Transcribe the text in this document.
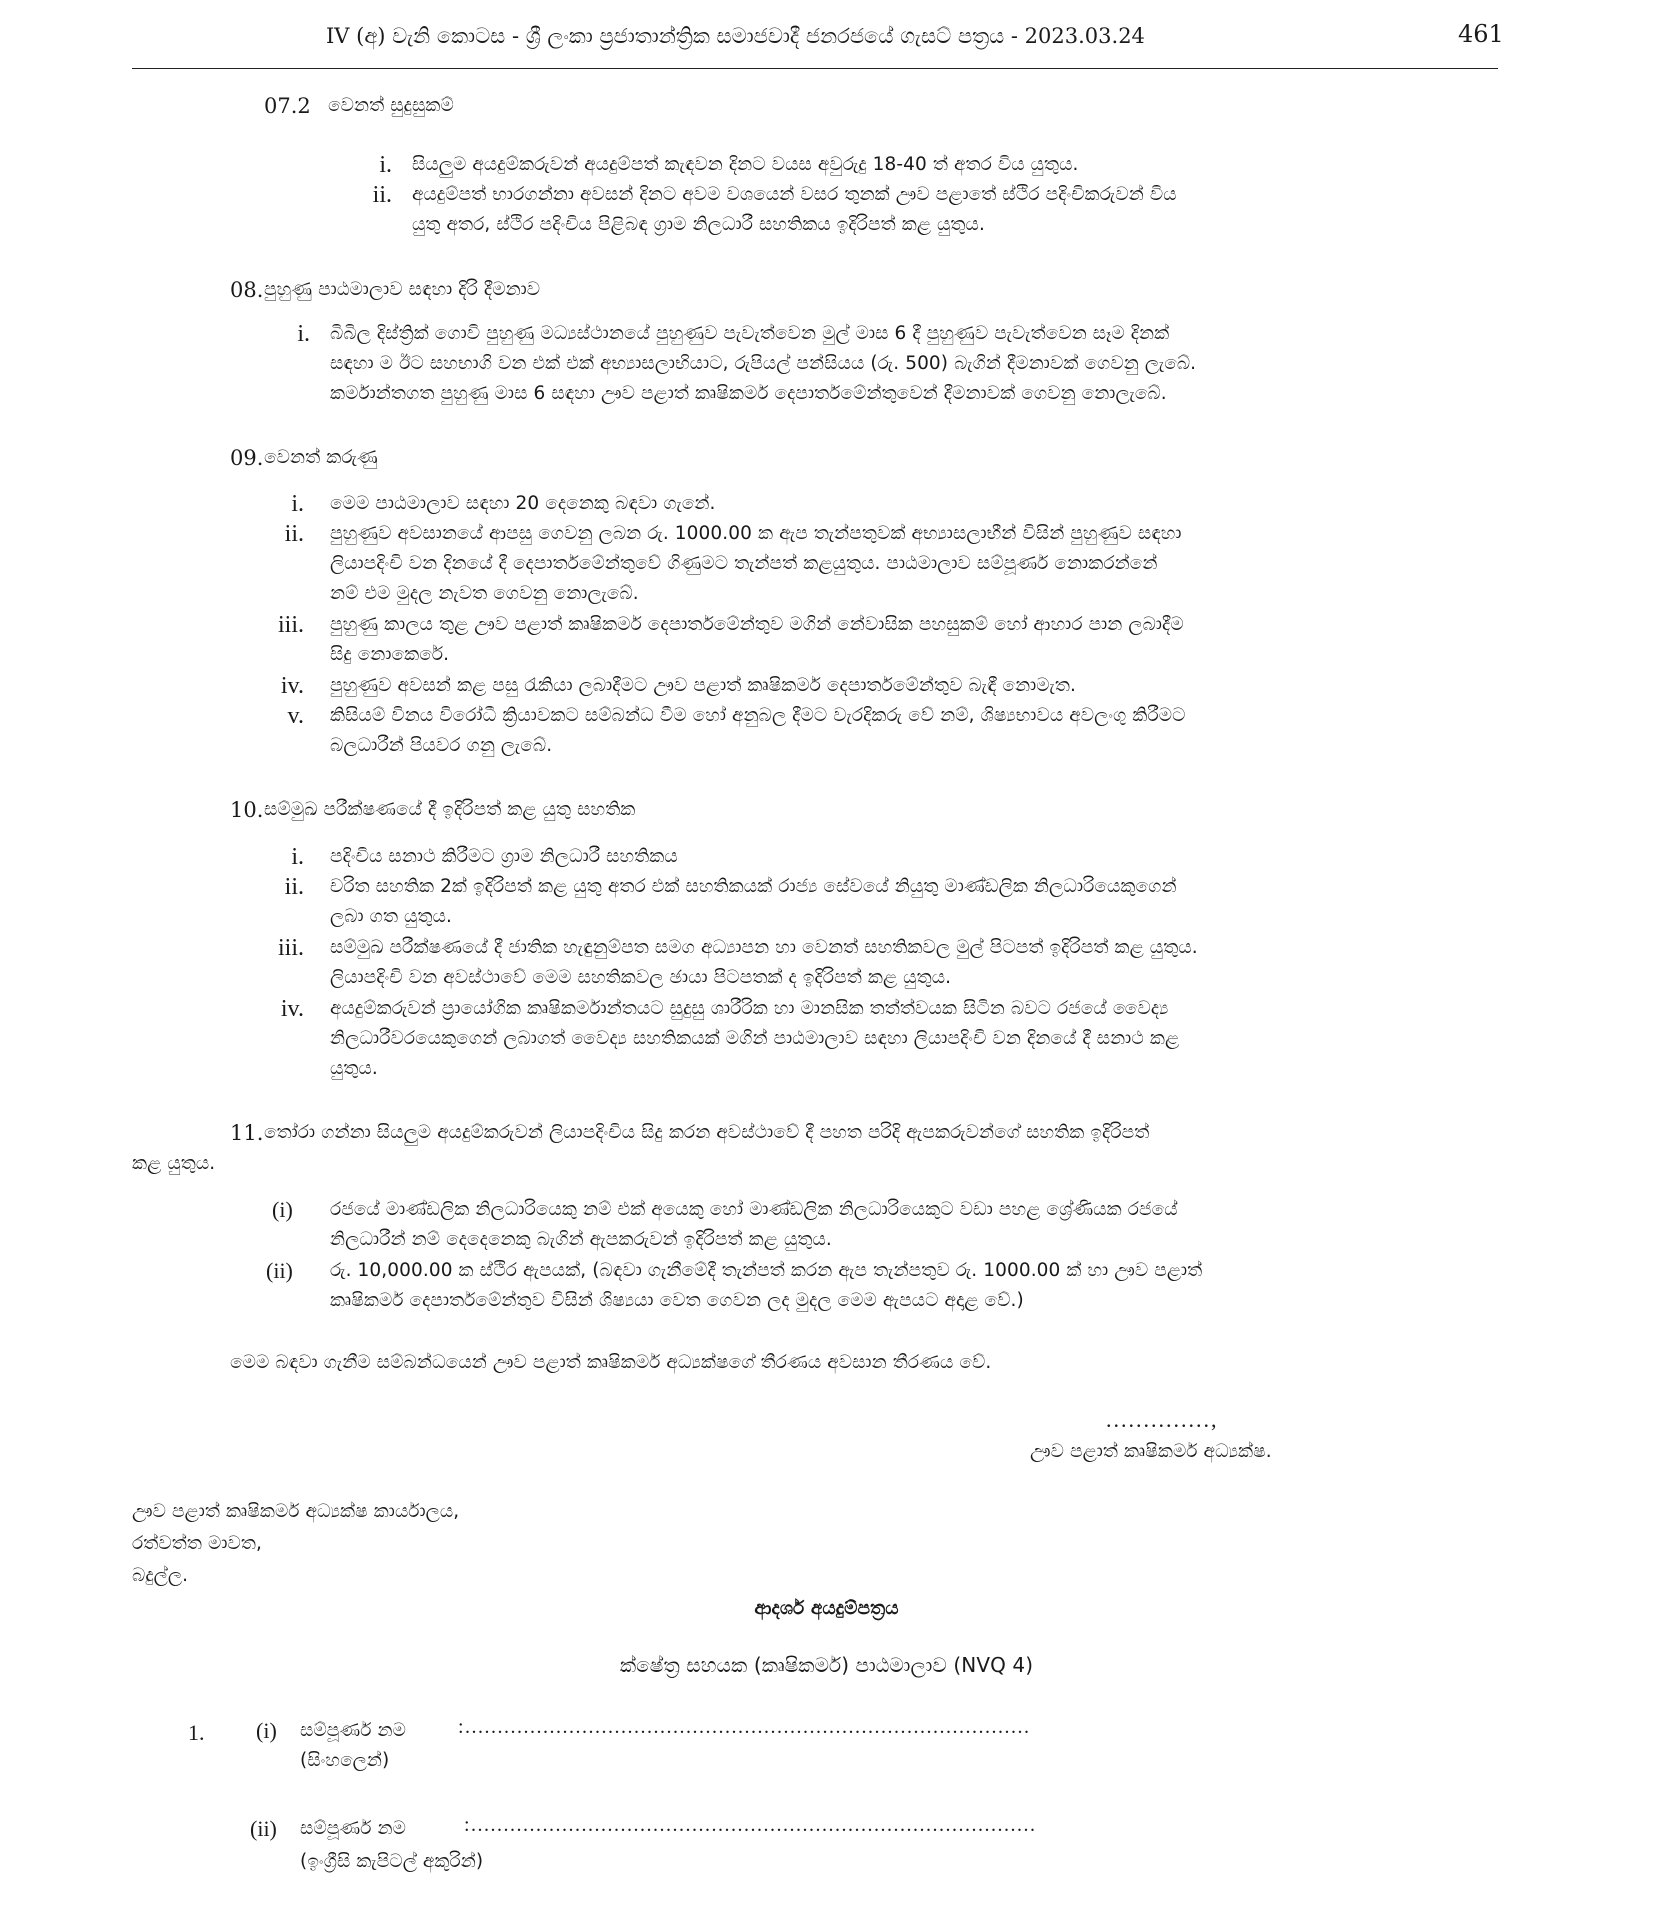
IV (අ) වැනි කොටස - ශ්‍රී ලංකා ප්‍රජාතාන්ත්‍රික සමාජවාදී ජනරජයේ ගැසට් පත්‍රය - 2023.03.24	461
07.2 වෙනත් සුදුසුකම්
i. සියලුම අයදුම්කරුවන් අයදුම්පත් කැඳවන දිනට වයස අවුරුදු 18-40 ත් අතර විය යුතුය.
ii. අයදුම්පත් භාරගන්නා අවසන් දිනට අවම වශයෙන් වසර තුනක් ඌව පළාතේ ස්ථිර පදිංචිකරුවන් විය
යුතු අතර, ස්ථිර පදිංචිය පිළිබඳ ග්‍රාම නිලධාරී සහතිකය ඉදිරිපත් කළ යුතුය.
08. පුහුණු පාඨමාලාව සඳහා දිරි දීමනාව
i. බිබිල දිස්ත්‍රික් ගොවි පුහුණු මධ්‍යස්ථානයේ පුහුණුව පැවැත්වෙන මුල් මාස 6 දී පුහුණුව පැවැත්වෙන සෑම දිනක්
සඳහා ම ඊට සහභාගි වන එක් එක් අභ්‍යාසලාභියාට, රුපියල් පන්සියය (රු. 500) බැගින් දීමනාවක් ගෙවනු ලැබේ.
කර්මාන්තගත පුහුණු මාස 6 සඳහා ඌව පළාත් කෘෂිකර්ම දෙපාර්තමේන්තුවෙන් දීමනාවක් ගෙවනු නොලැබේ.
09. වෙනත් කරුණු
i. මෙම පාඨමාලාව සඳහා 20 දෙනෙකු බඳවා ගැනේ.
ii. පුහුණුව අවසානයේ ආපසු ගෙවනු ලබන රු. 1000.00 ක ඇප තැන්පතුවක් අභ්‍යාසලාභීන් විසින් පුහුණුව සඳහා
ලියාපදිංචි වන දිනයේ දී දෙපාර්තමේන්තුවේ ගිණුමට තැන්පත් කළයුතුය. පාඨමාලාව සම්පූර්ණ නොකරන්නේ
නම් එම මුදල නැවත ගෙවනු නොලැබේ.
iii. පුහුණු කාලය තුළ ඌව පළාත් කෘෂිකර්ම දෙපාර්තමේන්තුව මගින් නේවාසික පහසුකම් හෝ ආහාර පාන ලබාදීම
සිදු නොකෙරේ.
iv. පුහුණුව අවසන් කළ පසු රැකියා ලබාදීමට ඌව පළාත් කෘෂිකර්ම දෙපාර්තමේන්තුව බැඳී නොමැත.
v. කිසියම් විනය විරෝධී ක්‍රියාවකට සම්බන්ධ වීම හෝ අනුබල දීමට වැරදිකරු වේ නම්, ශිෂ්‍යභාවය අවලංගු කිරීමට
බලධාරීන් පියවර ගනු ලැබේ.
10. සම්මුඛ පරීක්ෂණයේ දී ඉදිරිපත් කළ යුතු සහතික
i. පදිංචිය සනාථ කිරීමට ග්‍රාම නිලධාරී සහතිකය
ii. චරිත සහතික 2ක් ඉදිරිපත් කළ යුතු අතර එක් සහතිකයක් රාජ්‍ය සේවයේ නියුතු මාණ්ඩලික නිලධාරියෙකුගෙන්
ලබා ගත යුතුය.
iii. සම්මුඛ පරීක්ෂණයේ දී ජාතික හැඳුනුම්පත සමග අධ්‍යාපන හා වෙනත් සහතිකවල මුල් පිටපත් ඉදිරිපත් කළ යුතුය.
ලියාපදිංචි වන අවස්ථාවේ මෙම සහතිකවල ඡායා පිටපතක් ද ඉදිරිපත් කළ යුතුය.
iv. අයදුම්කරුවන් ප්‍රායෝගික කෘෂිකර්මාන්තයට සුදුසු ශාරීරික හා මානසික තත්ත්වයක සිටින බවට රජයේ වෛද්‍ය
නිලධාරීවරයෙකුගෙන් ලබාගත් වෛද්‍ය සහතිකයක් මගින් පාඨමාලාව සඳහා ලියාපදිංචි වන දිනයේ දී සනාථ කළ
යුතුය.
11. තෝරා ගන්නා සියලුම අයදුම්කරුවන් ලියාපදිංචිය සිදු කරන අවස්ථාවේ දී පහත පරිදි ඇපකරුවන්ගේ සහතික ඉදිරිපත්
කළ යුතුය.
(i) රජයේ මාණ්ඩලික නිලධාරියෙකු නම් එක් අයෙකු හෝ මාණ්ඩලික නිලධාරියෙකුට වඩා පහළ ශ්‍රේණියක රජයේ
නිලධාරීන් නම් දෙදෙනෙකු බැගින් ඇපකරුවන් ඉදිරිපත් කළ යුතුය.
(ii) රු. 10,000.00 ක ස්ථිර ඇපයක්, (බඳවා ගැනීමේදී තැන්පත් කරන ඇප තැන්පතුව රු. 1000.00 ක් හා ඌව පළාත්
කෘෂිකර්ම දෙපාර්තමේන්තුව විසින් ශිෂ්‍යයා වෙත ගෙවන ලද මුදල මෙම ඇපයට අදාළ වේ.)
මෙම බඳවා ගැනීම සම්බන්ධයෙන් ඌව පළාත් කෘෂිකර්ම අධ්‍යක්ෂගේ තීරණය අවසාන තීරණය වේ.
..............,
ඌව පළාත් කෘෂිකර්ම අධ්‍යක්ෂ.
ඌව පළාත් කෘෂිකර්ම අධ්‍යක්ෂ කාර්යාලය,
රත්වත්ත මාවත,
බදුල්ල.
ආදර්ශ අයදුම්පත්‍රය
ක්ෂේත්‍ර සහයක (කෘෂිකර්ම) පාඨමාලාව (NVQ 4)
1. (i) සම්පූර්ණ නම	:.......................................................................................
(සිංහලෙන්)
(ii) සම්පූර්ණ නම	:.......................................................................................
(ඉංග්‍රීසි කැපිටල් අකුරින්)
